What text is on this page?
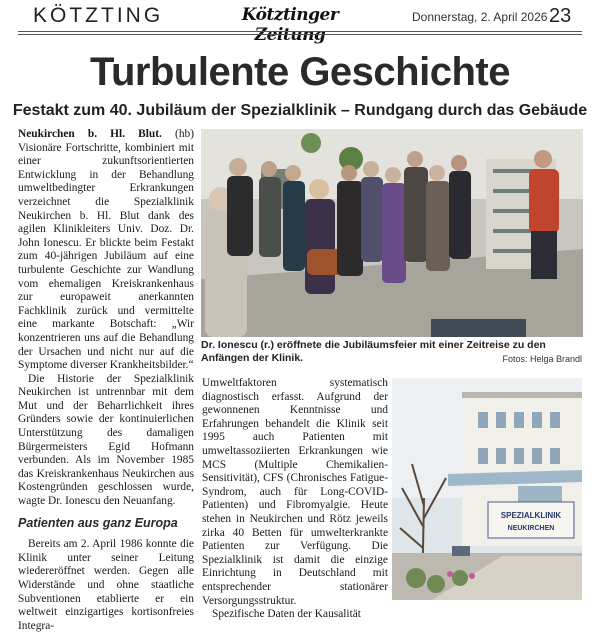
KÖTZTING	Kötztinger Zeitung
Donnerstag, 2. April 2026 23
Turbulente Geschichte
Festakt zum 40. Jubiläum der Spezialklinik – Rundgang durch das Gebäude

Neukirchen b. Hl. Blut. (hb) Visionäre Fortschritte, kombiniert mit einer zukunftsorientierten Entwicklung in der Behandlung umweltbedingter Erkrankungen verzeichnet die Spezialklinik Neukirchen b. Hl. Blut dank des agilen Klinikleiters Univ. Doz. Dr. John Ionescu. Er blickte beim Festakt zum 40-jährigen Jubiläum auf eine turbulente Geschichte zur Wandlung vom ehemaligen Kreiskrankenhaus zur europaweit anerkannten Fachklinik zurück und vermittelte eine markante Botschaft: „Wir konzentrieren uns auf die Behandlung der Ursachen und nicht nur auf die Symptome diverser Krankheitsbilder.“

Die Historie der Spezialklinik Neukirchen ist untrennbar mit dem Mut und der Beharrlichkeit ihres Gründers sowie der kontinuierlichen Unterstützung des damaligen Bürgermeisters Egid Hofmann verbunden. Als im November 1985 das Kreiskrankenhaus Neukirchen aus Kostengründen geschlossen wurde, wagte Dr. Ionescu den Neuanfang.

Patienten aus ganz Europa

Bereits am 2. April 1986 konnte die Klinik unter seiner Leitung wiedereröffnet werden. Gegen alle Widerstände und ohne staatliche Subventionen etablierte er ein weltweit einzigartiges kortisonfreies Integra-

Dr. Ionescu (r.) eröffnete die Jubiläumsfeier mit einer Zeitreise zu den Anfängen der Klinik.	Fotos: Helga Brandl

Umweltfaktoren systematisch diagnostisch erfasst. Aufgrund der gewonnenen Kenntnisse und Erfahrungen behandelt die Klinik seit 1995 auch Patienten mit umweltassoziierten Erkrankungen wie MCS (Multiple Chemikalien-Sensitivität), CFS (Chronisches Fatigue-Syndrom, auch für Long-COVID-Patienten) und Fibromyalgie. Heute stehen in Neukirchen und Rötz jeweils zirka 40 Betten für umwelterkrankte Patienten zur Verfügung. Die Spezialklinik ist damit die einzige Einrichtung in Deutschland mit entsprechender stationärer Versorgungsstruktur.

Spezifische Daten der Kausalität

SPEZIALKLINIK
NEUKIRCHEN
